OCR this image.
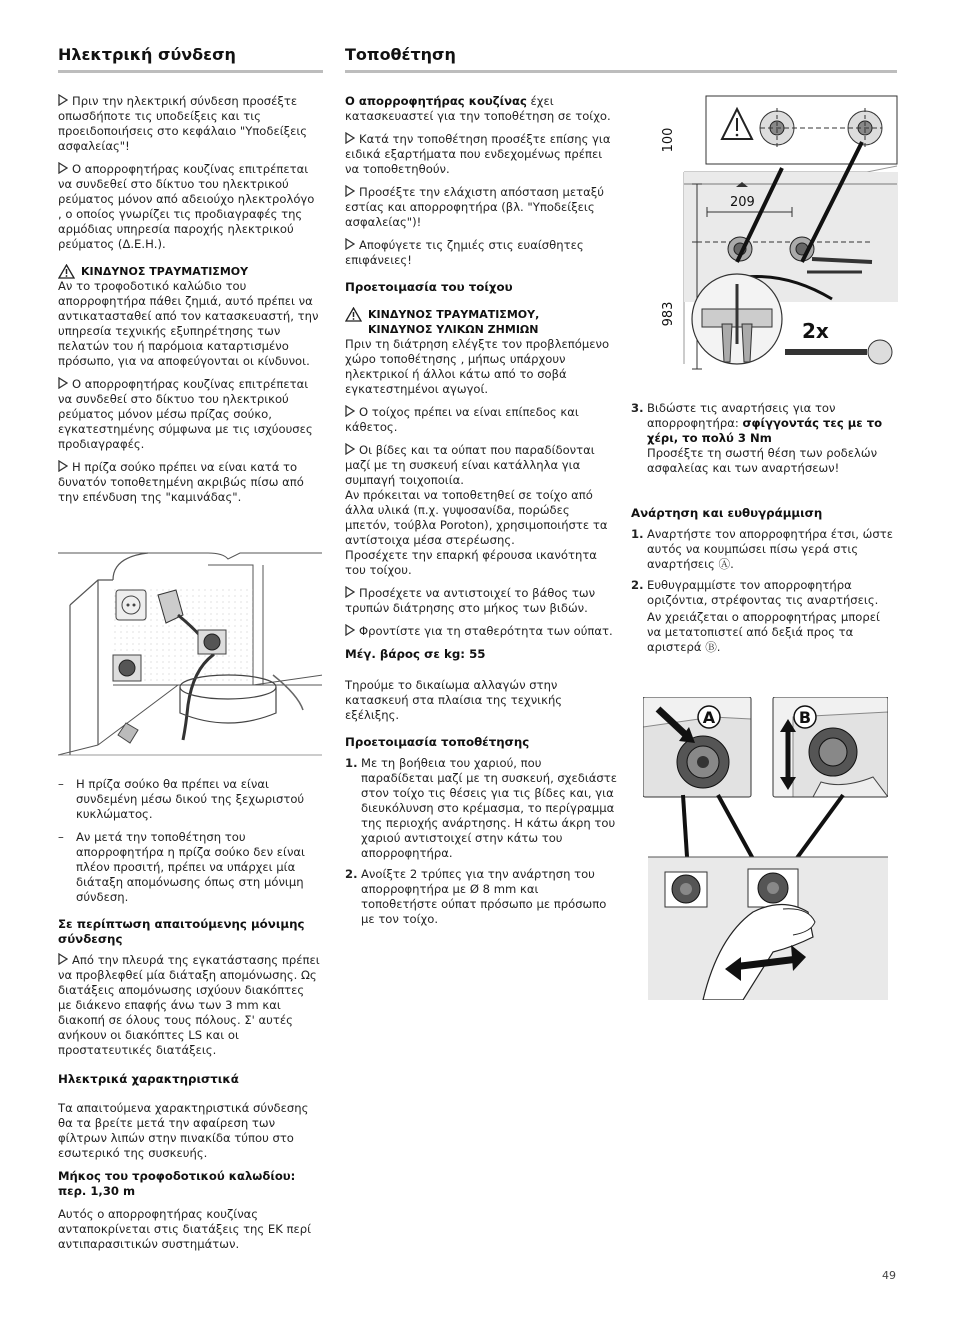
Ηλεκτρική σύνδεση	Τοποθέτηση

Πριν την ηλεκτρική σύνδεση προσέξτε οπωσδήποτε τις υποδείξεις και τις προειδοποιήσεις στο κεφάλαιο "Υποδείξεις ασφαλείας"!

Ο απορροφητήρας κουζίνας επιτρέπεται να συνδεθεί στο δίκτυο του ηλεκτρικού ρεύματος μόνον από αδειούχο ηλεκτρολόγο , ο οποίος γνωρίζει τις προδιαγραφές της αρμόδιας υπηρεσία παροχής ηλεκτρικού ρεύματος (Δ.Ε.Η.).

ΚΙΝΔΥΝΟΣ ΤΡΑΥΜΑΤΙΣΜΟΥ

Αν το τροφοδοτικό καλώδιο του απορροφητήρα πάθει ζημιά, αυτό πρέπει να αντικατασταθεί από τον κατασκευαστή, την υπηρεσία τεχνικής εξυπηρέτησης των πελατών του ή παρόμοια καταρτισμένο πρόσωπο, για να αποφεύγονται οι κίνδυνοι.

Ο απορροφητήρας κουζίνας επιτρέπεται να συνδεθεί στο δίκτυο του ηλεκτρικού ρεύματος μόνον μέσω πρίζας σούκο, εγκατεστημένης σύμφωνα με τις ισχύουσες προδιαγραφές.

Η πρίζα σούκο πρέπει να είναι κατά το δυνατόν τοποθετημένη ακριβώς πίσω από την επένδυση της "καμινάδας".

–	Η πρίζα σούκο θα πρέπει να είναι συνδεμένη μέσω δικού της ξεχωριστού κυκλώματος.
–	Αν μετά την τοποθέτηση του απορροφητήρα η πρίζα σούκο δεν είναι πλέον προσιτή, πρέπει να υπάρχει μία διάταξη απομόνωσης όπως στη μόνιμη σύνδεση.
Σε περίπτωση απαιτούμενης μόνιμης σύνδεσης

Από την πλευρά της εγκατάστασης πρέπει να προβλεφθεί μία διάταξη απομόνωσης. Ως διατάξεις απομόνωσης ισχύουν διακόπτες με διάκενο επαφής άνω των 3 mm και διακοπή σε όλους τους πόλους. Σ' αυτές ανήκουν οι διακόπτες LS και οι προστατευτικές διατάξεις.

Ηλεκτρικά χαρακτηριστικά

Τα απαιτούμενα χαρακτηριστικά σύνδεσης θα τα βρείτε μετά την αφαίρεση των φίλτρων λιπών στην πινακίδα τύπου στο εσωτερικό της συσκευής.

Μήκος του τροφοδοτικού καλωδίου: περ. 1,30 m

Αυτός ο απορροφητήρας κουζίνας ανταποκρίνεται στις διατάξεις της ΕΚ περί αντιπαρασιτικών συστημάτων.

Ο απορροφητήρας κουζίνας έχει κατασκευαστεί για την τοποθέτηση σε τοίχο.

Κατά την τοποθέτηση προσέξτε επίσης για ειδικά εξαρτήματα που ενδεχομένως πρέπει να τοποθετηθούν.

Προσέξτε την ελάχιστη απόσταση μεταξύ εστίας και απορροφητήρα (βλ. "Υποδείξεις ασφαλείας")!

Αποφύγετε τις ζημιές στις ευαίσθητες επιφάνειες!

Προετοιμασία του τοίχου
ΚΙΝΔΥΝΟΣ ΤΡΑΥΜΑΤΙΣΜΟΥ,
ΚΙΝΔΥΝΟΣ ΥΛΙΚΩΝ ΖΗΜΙΩΝ

Πριν τη διάτρηση ελέγξτε τον προβλεπόμενο χώρο τοποθέτησης , μήπως υπάρχουν ηλεκτρικοί ή άλλοι κάτω από το σοβά εγκατεστημένοι αγωγοί.

Ο τοίχος πρέπει να είναι επίπεδος και κάθετος.

Οι βίδες και τα ούπατ που παραδίδονται μαζί με τη συσκευή είναι κατάλληλα για συμπαγή τοιχοποιία.

Αν πρόκειται να τοποθετηθεί σε τοίχο από άλλα υλικά (π.χ. γυψοσανίδα, πορώδες μπετόν, τούβλα Poroton), χρησιμοποιήστε τα αντίστοιχα μέσα στερέωσης.

Προσέχετε την επαρκή φέρουσα ικανότητα του τοίχου.

Προσέχετε να αντιστοιχεί το βάθος των τρυπών διάτρησης στο μήκος των βιδών.

Φροντίστε για τη σταθερότητα των ούπατ.

Μέγ. βάρος σε kg: 55

Τηρούμε το δικαίωμα αλλαγών στην κατασκευή στα πλαίσια της τεχνικής εξέλιξης.

Προετοιμασία τοποθέτησης
1. Με τη βοήθεια του χαριού, που παραδίδεται μαζί με τη συσκευή, σχεδιάστε στον τοίχο τις θέσεις για τις βίδες και, για διευκόλυνση στο κρέμασμα, το περίγραμμα της περιοχής ανάρτησης. Η κάτω άκρη του χαριού αντιστοιχεί στην κάτω του απορροφητήρα.
2. Ανοίξτε 2 τρύπες για την ανάρτηση του απορροφητήρα με Ø 8 mm και τοποθετήστε ούπατ πρόσωπο με πρόσωπο με τον τοίχο.
100
983
209
2x
3. Βιδώστε τις αναρτήσεις για τον απορροφητήρα: σφίγγοντάς τες με το χέρι, το πολύ 3 Nm
Προσέξτε τη σωστή θέση των ροδελών ασφαλείας και των αναρτήσεων!
Ανάρτηση και ευθυγράμμιση
1. Αναρτήστε τον απορροφητήρα έτσι, ώστε αυτός να κουμπώσει πίσω γερά στις αναρτήσεις Ⓐ.
2. Ευθυγραμμίστε τον απορροφητήρα οριζόντια, στρέφοντας τις αναρτήσεις.
Αν χρειάζεται ο απορροφητήρας μπορεί να μετατοπιστεί από δεξιά προς τα αριστερά Ⓑ.
A	B
49
